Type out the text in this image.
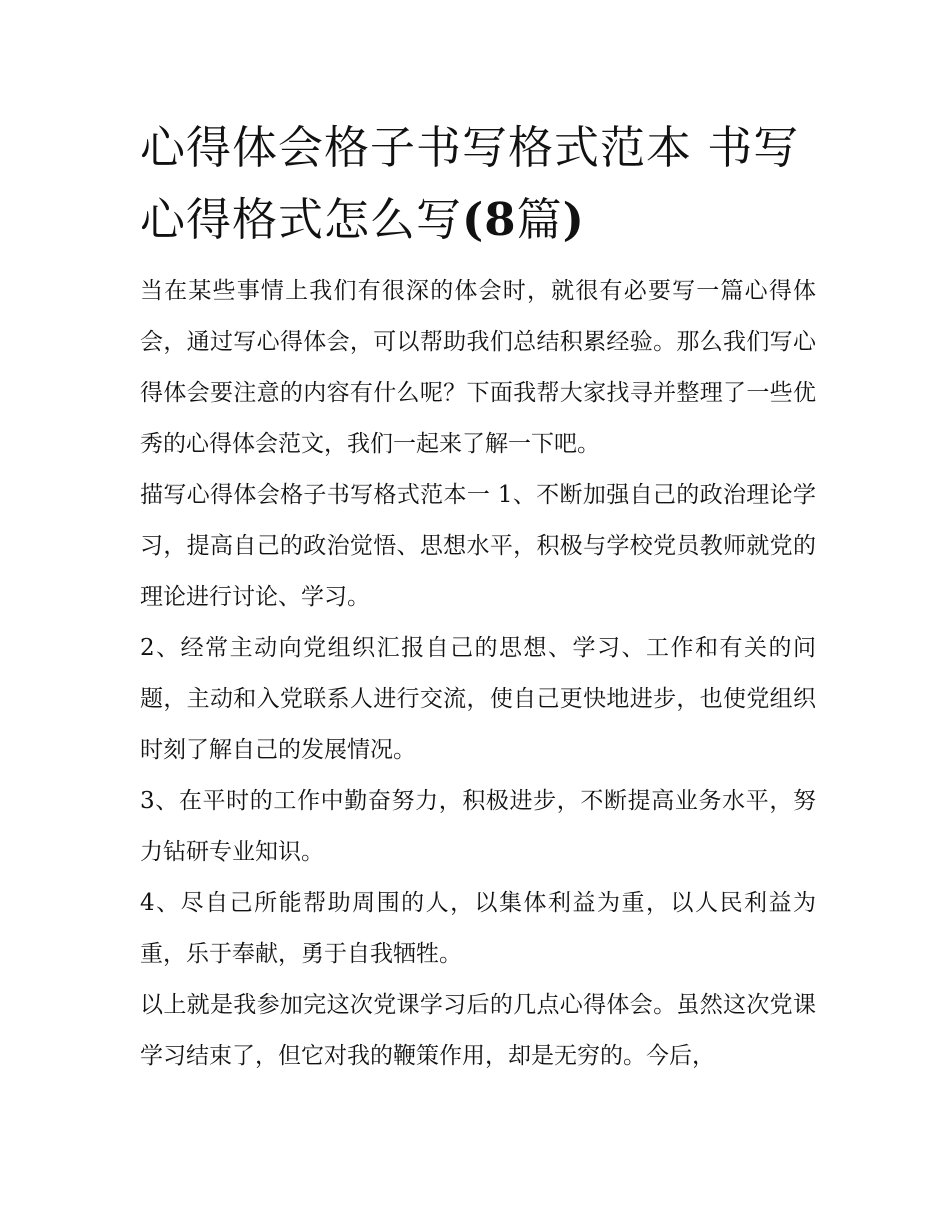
心得体会格子书写格式范本 书写心得格式怎么写(8篇)

当在某些事情上我们有很深的体会时，就很有必要写一篇心得体会，通过写心得体会，可以帮助我们总结积累经验。那么我们写心得体会要注意的内容有什么呢？下面我帮大家找寻并整理了一些优秀的心得体会范文，我们一起来了解一下吧。

描写心得体会格子书写格式范本一 1、不断加强自己的政治理论学习，提高自己的政治觉悟、思想水平，积极与学校党员教师就党的理论进行讨论、学习。

2、经常主动向党组织汇报自己的思想、学习、工作和有关的问题，主动和入党联系人进行交流，使自己更快地进步，也使党组织时刻了解自己的发展情况。

3、在平时的工作中勤奋努力，积极进步，不断提高业务水平，努力钻研专业知识。

4、尽自己所能帮助周围的人，以集体利益为重，以人民利益为重，乐于奉献，勇于自我牺牲。

以上就是我参加完这次党课学习后的几点心得体会。虽然这次党课学习结束了，但它对我的鞭策作用，却是无穷的。今后，
